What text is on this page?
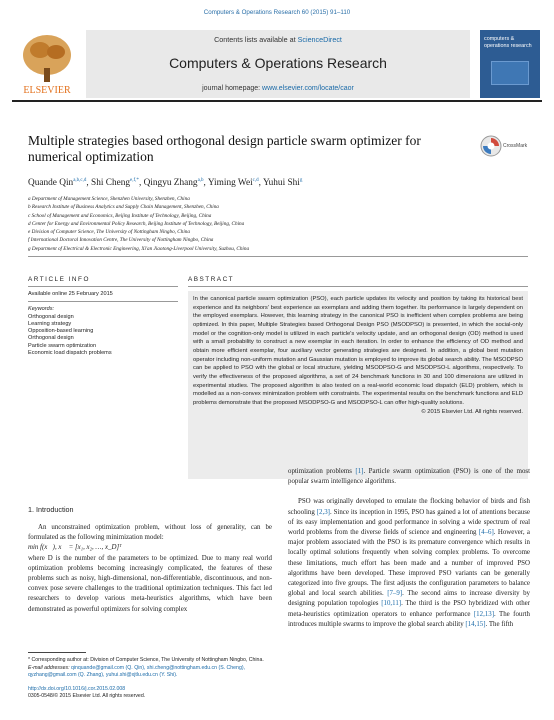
Computers & Operations Research 60 (2015) 91–110
ELSEVIER
Contents lists available at ScienceDirect
Computers & Operations Research
journal homepage: www.elsevier.com/locate/caor
computers & operations research
Multiple strategies based orthogonal design particle swarm optimizer for numerical optimization
CrossMark
Quande Qin$^{a,b,c,d}$, Shi Cheng$^{e,f,*}$, Qingyu Zhang$^{a,b}$, Yiming Wei$^{c,d}$, Yuhui Shi$^g$
a Department of Management Science, Shenzhen University, Shenzhen, China
b Research Institute of Business Analytics and Supply Chain Management, Shenzhen, China
c School of Management and Economics, Beijing Institute of Technology, Beijing, China
d Center for Energy and Environmental Policy Research, Beijing Institute of Technology, Beijing, China
e Division of Computer Science, The University of Nottingham Ningbo, China
f International Doctoral Innovation Centre, The University of Nottingham Ningbo, China
g Department of Electrical & Electronic Engineering, Xi'an Jiaotong-Liverpool University, Suzhou, China
ARTICLE INFO	ABSTRACT
Available online 25 February 2015
Keywords:
Orthogonal design
Learning strategy
Opposition-based learning
Orthogonal design
Particle swarm optimization
Economic load dispatch problems
In the canonical particle swarm optimization (PSO), each particle updates its velocity and position by taking its historical best experience and its neighbors' best experience as exemplars and adding them together. Its performance is largely dependent on the employed exemplars. However, this learning strategy in the canonical PSO is inefficient when complex problems are being optimized. In this paper, Multiple Strategies based Orthogonal Design PSO (MSODPSO) is presented, in which the social-only model or the cognition-only model is utilized in each particle's velocity update, and an orthogonal design (OD) method is used with a small probability to construct a new exemplar in each iteration. In order to enhance the efficiency of OD method and obtain more efficient exemplar, four auxiliary vector generating strategies are designed. In addition, a global best mutation operator including non-uniform mutation and Gaussian mutation is employed to improve its global search ability. The MSODPSO can be applied to PSO with the global or local structure, yielding MSODPSO-G and MSODPSO-L algorithms, respectively. To verify the effectiveness of the proposed algorithms, a set of 24 benchmark functions in 30 and 100 dimensions are utilized in experimental studies. The proposed algorithm is also tested on a real-world economic load dispatch (ELD) problem, which is modelled as a non-convex minimization problem with constraints. The experimental results on the benchmark functions and ELD problems demonstrate that the proposed MSODPSO-G and MSODPSO-L can offer high-quality solutions.
© 2015 Elsevier Ltd. All rights reserved.
1. Introduction

An unconstrained optimization problem, without loss of generality, can be formulated as the following minimization model:

min f(x⃗), x⃗ = [x₁, x₂, …, x_D]ᵀ

where D is the number of the parameters to be optimized. Due to many real world optimization problems becoming increasingly complicated, the features of these problems such as noisy, high-dimensional, non-differentiable, discontinuous, and non-convex pose severe challenges to the traditional optimization techniques. This fact led researchers to develop various meta-heuristics algorithms, which have been demonstrated as powerful optimizers for solving complex

optimization problems [1]. Particle swarm optimization (PSO) is one of the most popular swarm intelligence algorithms.

PSO was originally developed to emulate the flocking behavior of birds and fish schooling [2,3]. Since its inception in 1995, PSO has gained a lot of attentions because of its easy implementation and good performance in solving a wide spectrum of real world problems from the diverse fields of science and engineering [4–6]. However, a major problem associated with the PSO is its premature convergence which results in locally optimal solutions frequently when solving complex problems. To overcome these limitations, much effort has been made and a number of improved PSO algorithms have been developed. These improved PSO variants can be generally categorized into five groups. The first adjusts the configuration parameters to balance global and local search abilities. [7–9]. The second aims to increase diversity by designing population topologies [10,11]. The third is the PSO hybridized with other meta-heuristics optimization operators to enhance performance [12,13]. The fourth introduces multiple swarms to improve the global search ability [14,15]. The fifth

* Corresponding author at: Division of Computer Science, The University of Nottingham Ningbo, China.
E-mail addresses: qinquande@gmail.com (Q. Qin), shi.cheng@nottingham.edu.cn (S. Cheng), qyzhang@gmail.com (Q. Zhang), yuhui.shi@xjtlu.edu.cn (Y. Shi).
http://dx.doi.org/10.1016/j.cor.2015.02.008
0305-0548/© 2015 Elsevier Ltd. All rights reserved.
